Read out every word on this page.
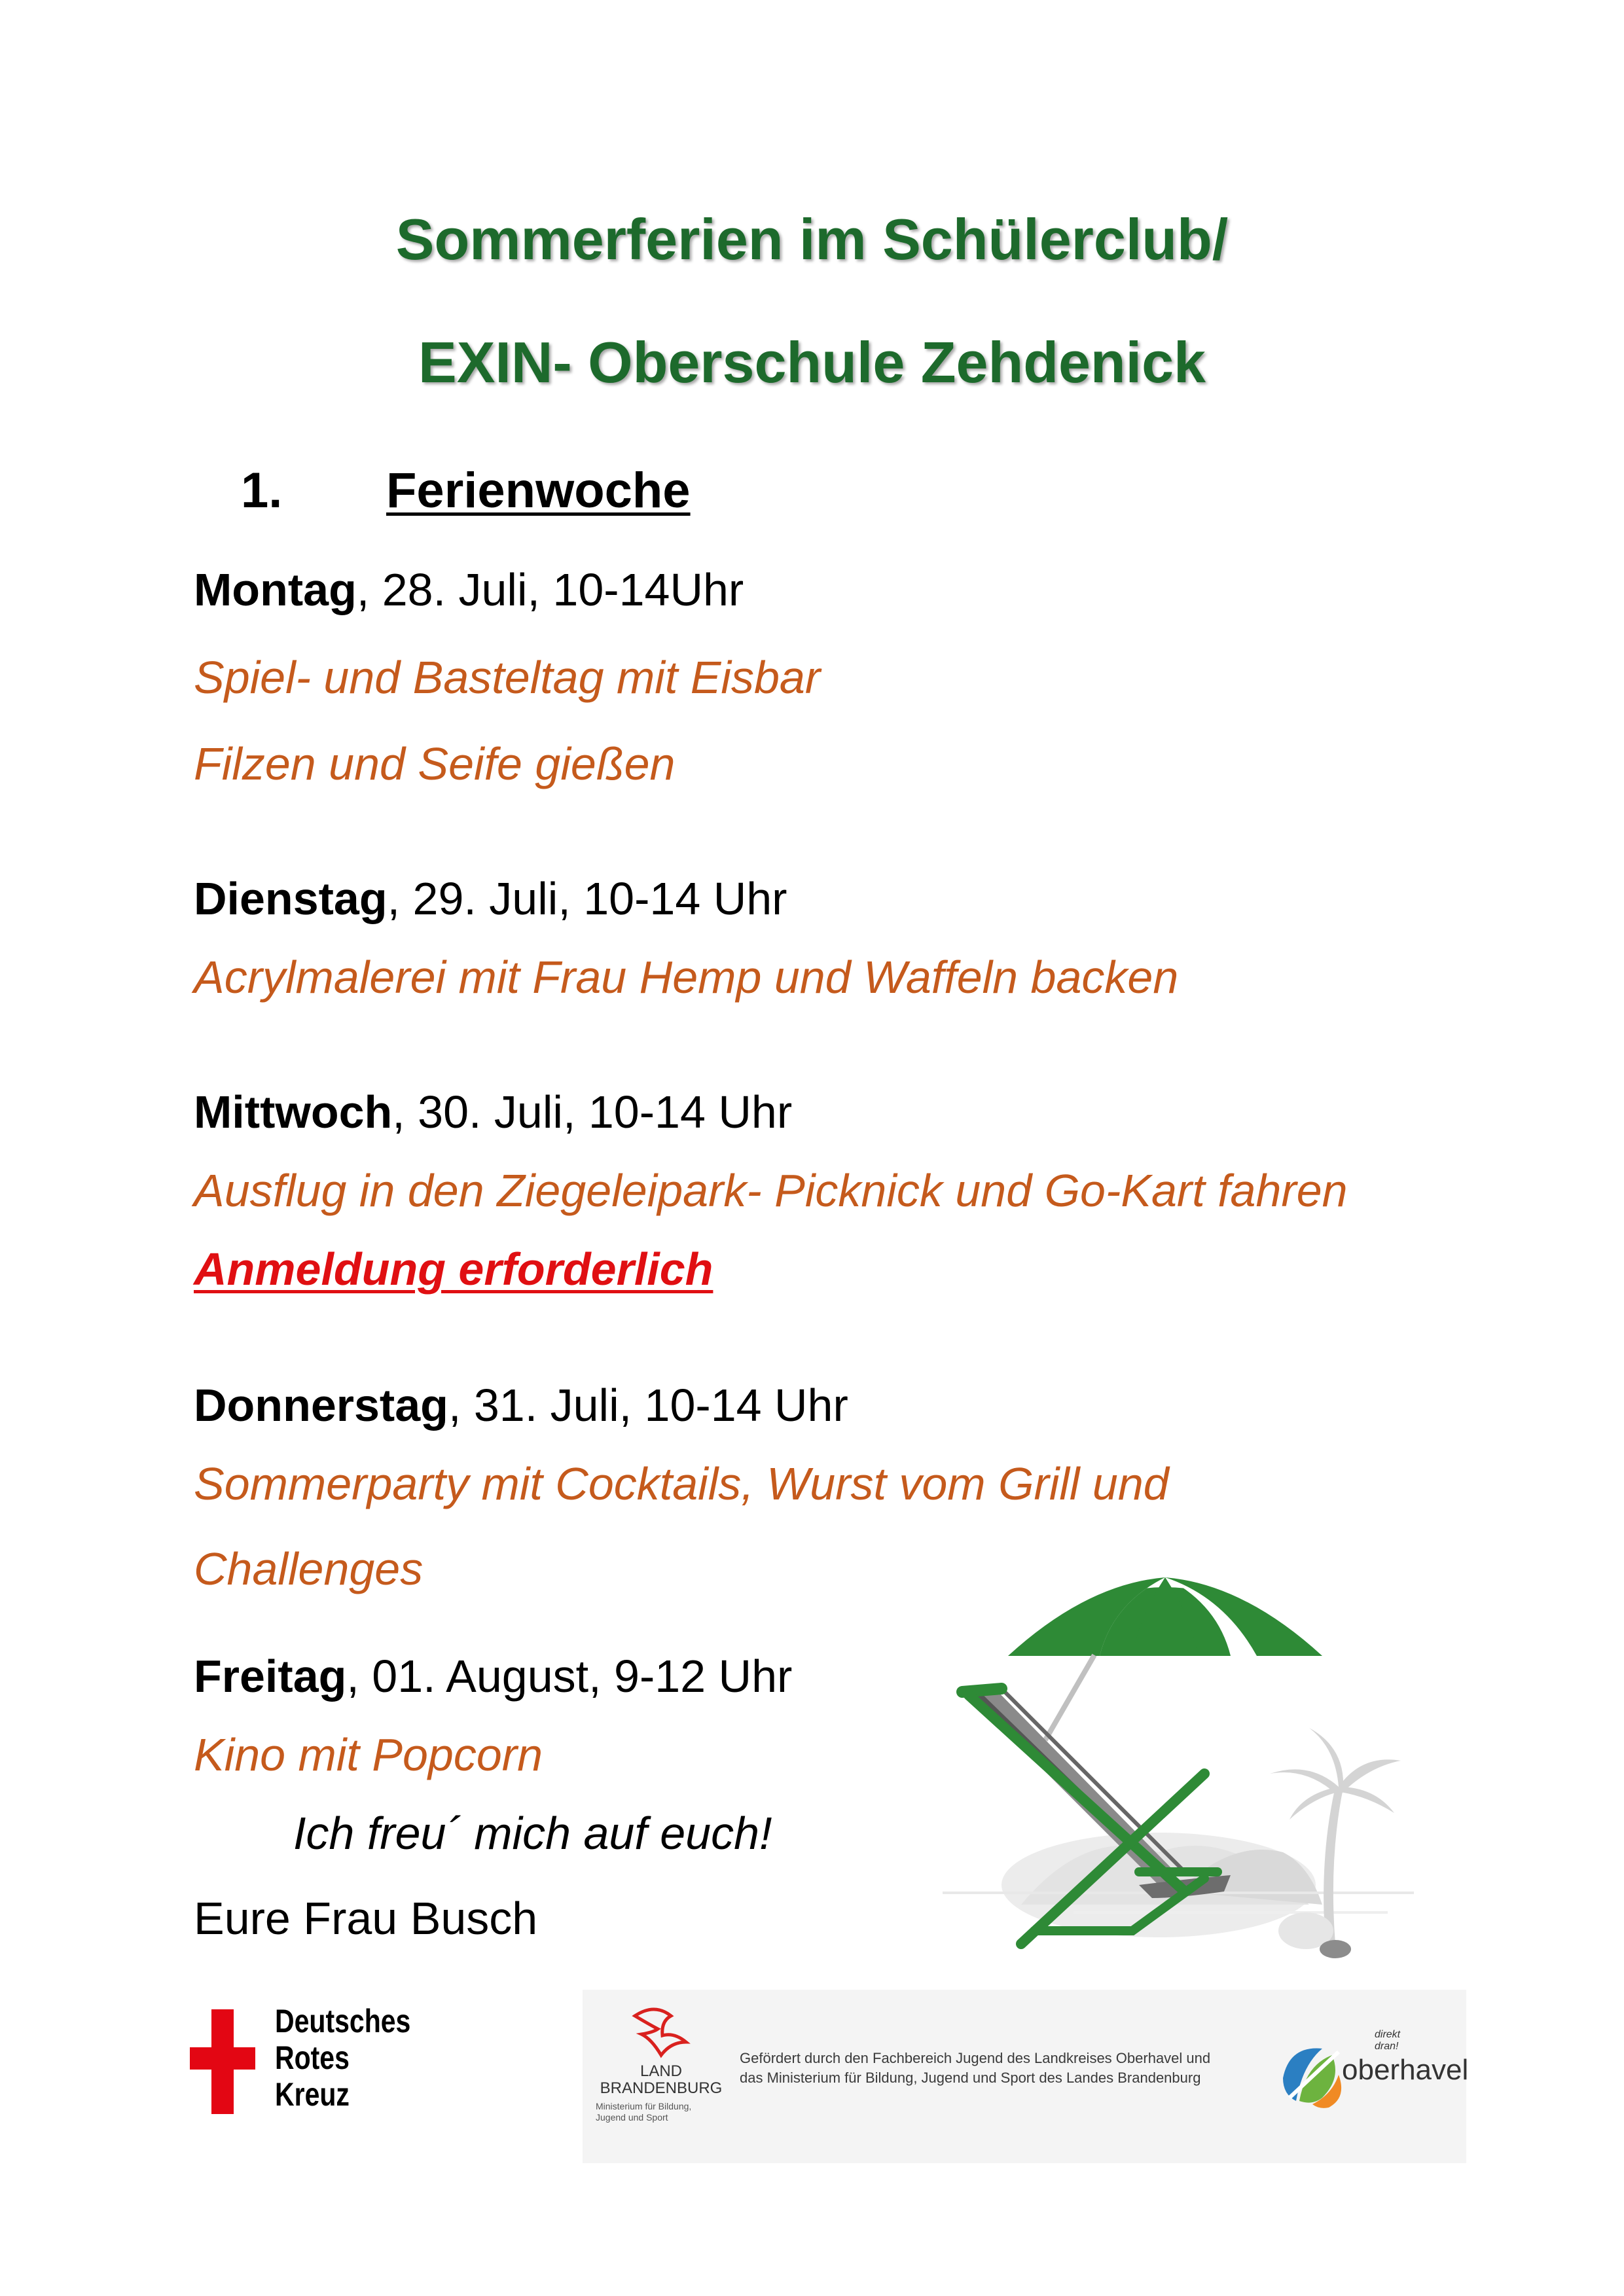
Sommerferien im Schülerclub/
EXIN- Oberschule Zehdenick
1. Ferienwoche
Montag, 28. Juli, 10-14Uhr
Spiel- und Basteltag mit Eisbar
Filzen und Seife gießen
Dienstag, 29. Juli, 10-14 Uhr
Acrylmalerei mit Frau Hemp und Waffeln backen
Mittwoch, 30. Juli, 10-14 Uhr
Ausflug in den Ziegeleipark- Picknick und Go-Kart fahren
Anmeldung erforderlich
Donnerstag, 31. Juli, 10-14 Uhr
Sommerparty mit Cocktails, Wurst vom Grill und
Challenges
Freitag, 01. August, 9-12 Uhr
Kino mit Popcorn
Ich freu´ mich auf euch!
Eure Frau Busch
Deutsches
Rotes
Kreuz
LAND
BRANDENBURG
Ministerium für Bildung,
Jugend und Sport
Gefördert durch den Fachbereich Jugend des Landkreises Oberhavel und
das Ministerium für Bildung, Jugend und Sport des Landes Brandenburg
direkt dran!
oberhavel
